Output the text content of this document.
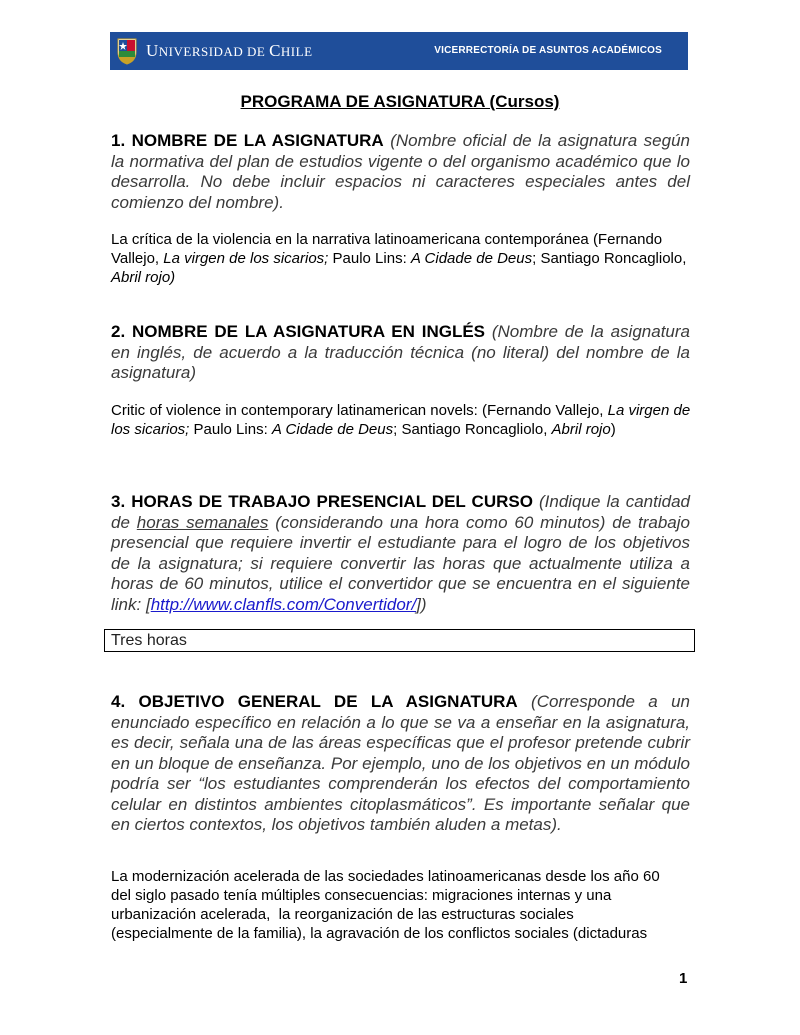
UNIVERSIDAD DE CHILE	VICERRECTORÍA DE ASUNTOS ACADÉMICOS
PROGRAMA DE ASIGNATURA (Cursos)
1. NOMBRE DE LA ASIGNATURA (Nombre oficial de la asignatura según la normativa del plan de estudios vigente o del organismo académico que lo desarrolla. No debe incluir espacios ni caracteres especiales antes del comienzo del nombre).
La crítica de la violencia en la narrativa latinoamericana contemporánea (Fernando Vallejo, La virgen de los sicarios; Paulo Lins: A Cidade de Deus; Santiago Roncagliolo, Abril rojo)
2. NOMBRE DE LA ASIGNATURA EN INGLÉS (Nombre de la asignatura en inglés, de acuerdo a la traducción técnica (no literal) del nombre de la asignatura)
Critic of violence in contemporary latinamerican novels: (Fernando Vallejo, La virgen de los sicarios; Paulo Lins: A Cidade de Deus; Santiago Roncagliolo, Abril rojo)
3. HORAS DE TRABAJO PRESENCIAL DEL CURSO (Indique la cantidad de horas semanales (considerando una hora como 60 minutos) de trabajo presencial que requiere invertir el estudiante para el logro de los objetivos de la asignatura; si requiere convertir las horas que actualmente utiliza a horas de 60 minutos, utilice el convertidor que se encuentra en el siguiente link: [http://www.clanfls.com/Convertidor/])
Tres horas
4. OBJETIVO GENERAL DE LA ASIGNATURA (Corresponde a un enunciado específico en relación a lo que se va a enseñar en la asignatura, es decir, señala una de las áreas específicas que el profesor pretende cubrir en un bloque de enseñanza. Por ejemplo, uno de los objetivos en un módulo podría ser “los estudiantes comprenderán los efectos del comportamiento celular en distintos ambientes citoplasmáticos”. Es importante señalar que en ciertos contextos, los objetivos también aluden a metas).
La modernización acelerada de las sociedades latinoamericanas desde los año 60
del siglo pasado tenía múltiples consecuencias: migraciones internas y una
urbanización acelerada,  la reorganización de las estructuras sociales
(especialmente de la familia), la agravación de los conflictos sociales (dictaduras
1
